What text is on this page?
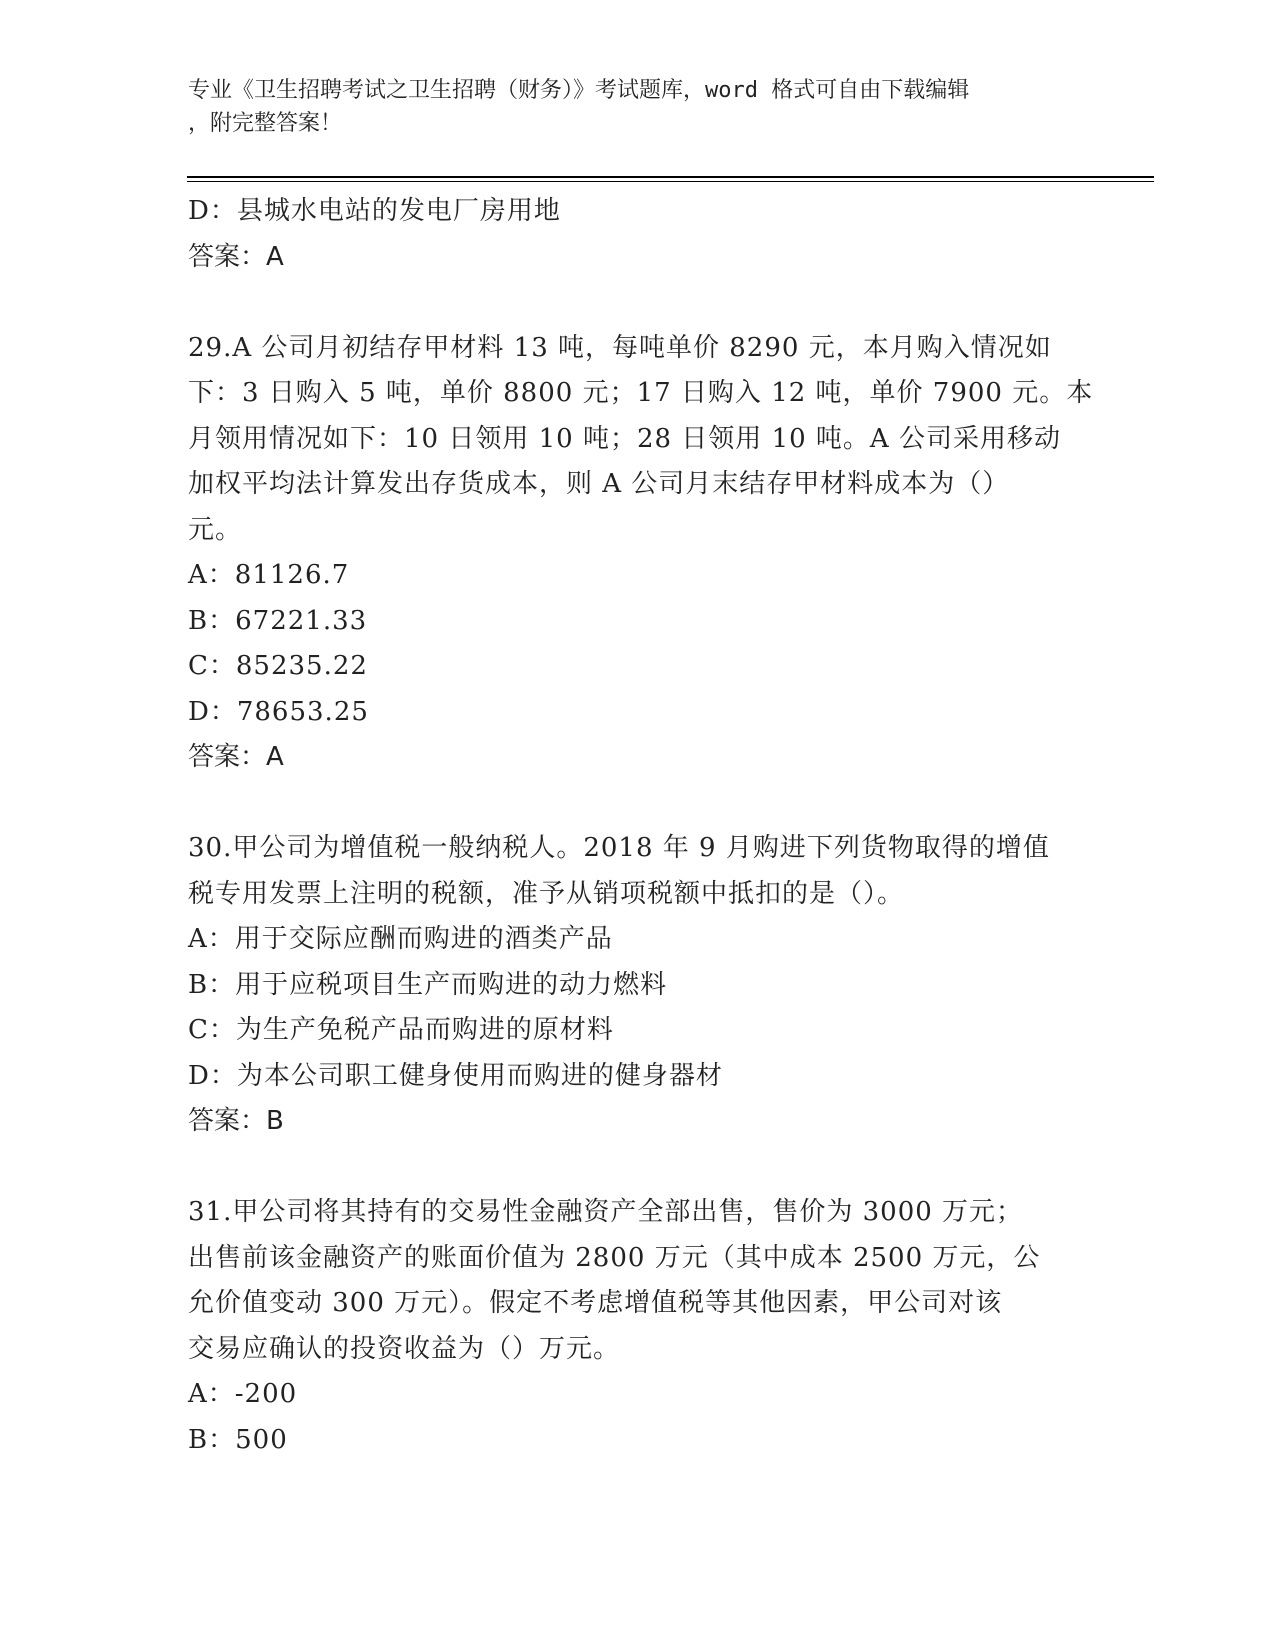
专业《卫生招聘考试之卫生招聘（财务）》考试题库，word 格式可自由下载编辑
，附完整答案！
D：县城水电站的发电厂房用地
答案：A
29.A 公司月初结存甲材料 13 吨，每吨单价 8290 元，本月购入情况如
下：3 日购入 5 吨，单价 8800 元；17 日购入 12 吨，单价 7900 元。本
月领用情况如下：10 日领用 10 吨；28 日领用 10 吨。A 公司采用移动
加权平均法计算发出存货成本，则 A 公司月末结存甲材料成本为（）
元。
A：81126.7
B：67221.33
C：85235.22
D：78653.25
答案：A
30.甲公司为增值税一般纳税人。2018 年 9 月购进下列货物取得的增值
税专用发票上注明的税额，准予从销项税额中抵扣的是（）。
A：用于交际应酬而购进的酒类产品
B：用于应税项目生产而购进的动力燃料
C：为生产免税产品而购进的原材料
D：为本公司职工健身使用而购进的健身器材
答案：B
31.甲公司将其持有的交易性金融资产全部出售，售价为 3000 万元；
出售前该金融资产的账面价值为 2800 万元（其中成本 2500 万元，公
允价值变动 300 万元）。假定不考虑增值税等其他因素，甲公司对该
交易应确认的投资收益为（）万元。
A：-200
B：500
